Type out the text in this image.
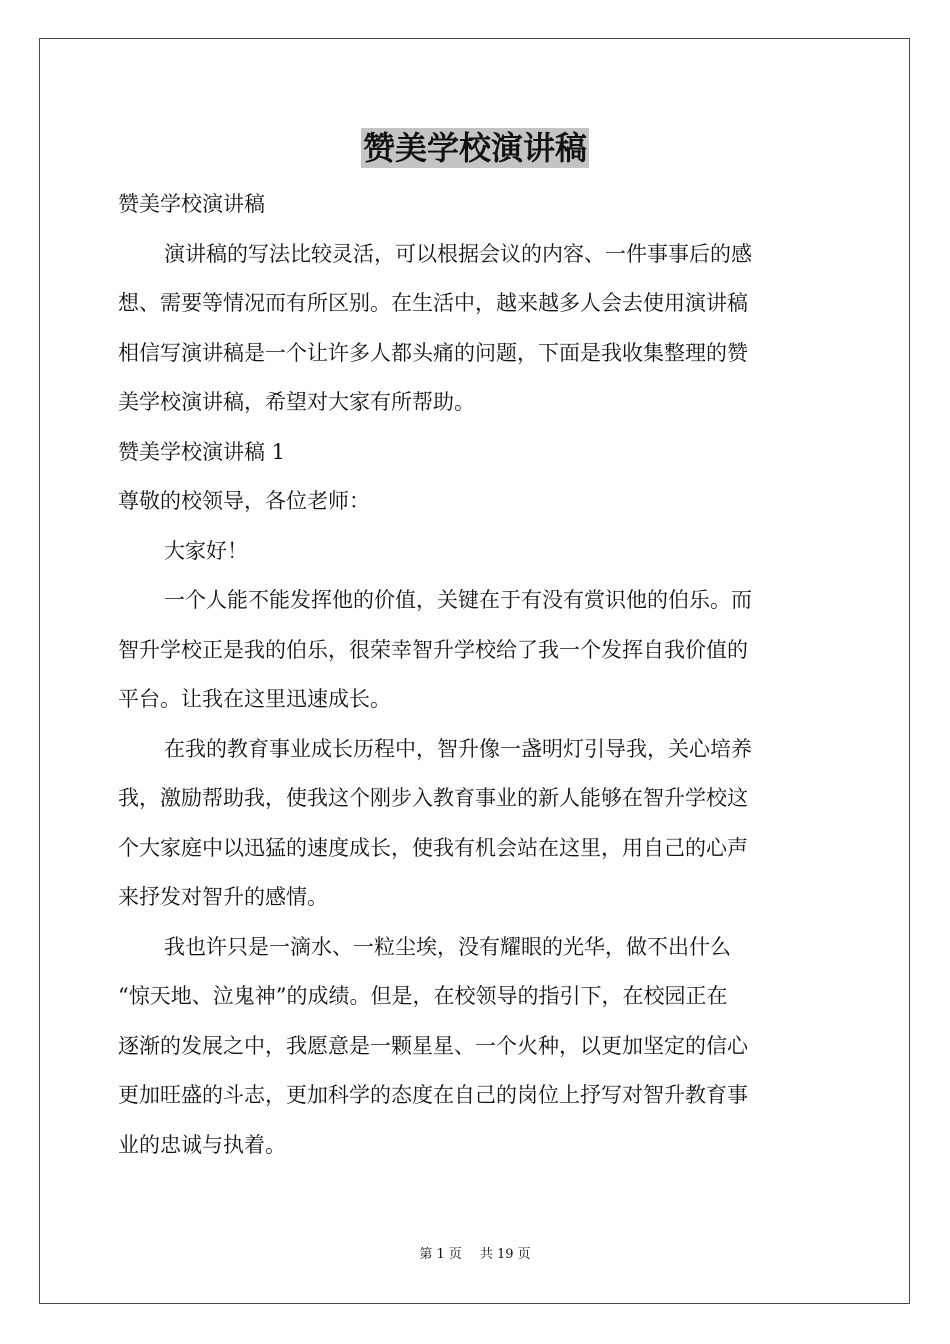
赞美学校演讲稿
赞美学校演讲稿
演讲稿的写法比较灵活，可以根据会议的内容、一件事事后的感
想、需要等情况而有所区别。在生活中，越来越多人会去使用演讲稿
相信写演讲稿是一个让许多人都头痛的问题，下面是我收集整理的赞
美学校演讲稿，希望对大家有所帮助。
赞美学校演讲稿 1
尊敬的校领导，各位老师：
大家好！
一个人能不能发挥他的价值，关键在于有没有赏识他的伯乐。而
智升学校正是我的伯乐，很荣幸智升学校给了我一个发挥自我价值的
平台。让我在这里迅速成长。
在我的教育事业成长历程中，智升像一盏明灯引导我，关心培养
我，激励帮助我，使我这个刚步入教育事业的新人能够在智升学校这
个大家庭中以迅猛的速度成长，使我有机会站在这里，用自己的心声
来抒发对智升的感情。
我也许只是一滴水、一粒尘埃，没有耀眼的光华，做不出什么
“惊天地、泣鬼神”的成绩。但是，在校领导的指引下，在校园正在
逐渐的发展之中，我愿意是一颗星星、一个火种，以更加坚定的信心
更加旺盛的斗志，更加科学的态度在自己的岗位上抒写对智升教育事
业的忠诚与执着。
第 1 页 共 19 页
